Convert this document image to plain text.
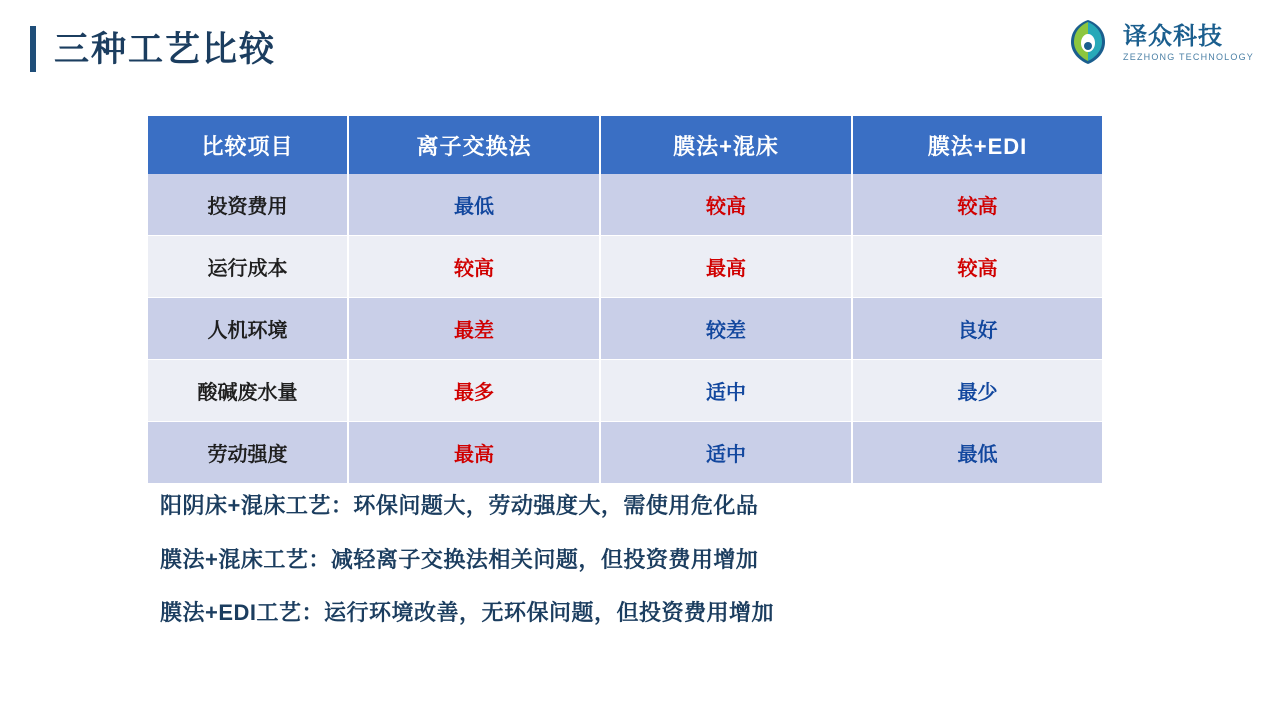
三种工艺比较	译众科技
ZEZHONG TECHNOLOGY
比较项目	离子交换法	膜法+混床	膜法+EDI
投资费用	最低	较高	较高
运行成本	较高	最高	较高
人机环境	最差	较差	良好
酸碱废水量	最多	适中	最少
劳动强度	最高	适中	最低
阳阴床+混床工艺：环保问题大，劳动强度大，需使用危化品
膜法+混床工艺：减轻离子交换法相关问题，但投资费用增加
膜法+EDI工艺：运行环境改善，无环保问题，但投资费用增加
